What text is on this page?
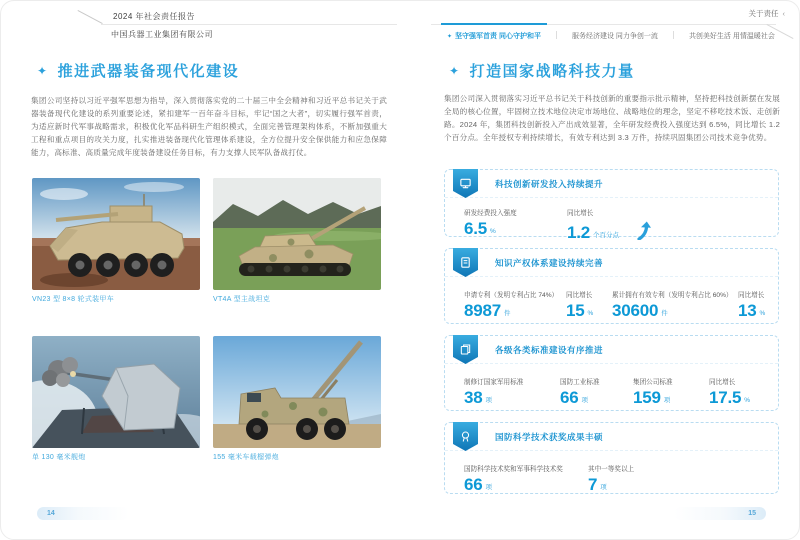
2024 年社会责任报告
中国兵器工业集团有限公司
关于责任 ‹
✦ 坚守强军首责 同心守护和平	服务经济建设 同力争创一流	共创美好生活 用情温暖社会
✦ 推进武器装备现代化建设
集团公司坚持以习近平强军思想为指导，深入贯彻落实党的二十届三中全会精神和习近平总书记关于武器装备现代化建设的系列重要论述，紧扣建军一百年奋斗目标，牢记“国之大者”，切实履行强军首责，为适应新时代军事战略需求，积极优化军品科研生产组织模式，全面完善管理架构体系，不断加强重大工程和重点项目的攻关力度，扎实推进装备现代化管理体系建设，全方位提升安全保供能力和应急保障能力，高标准、高质量完成年度装备建设任务目标，有力支撑人民军队备战打仗。
VN23 型 8×8 轮式装甲车	VT4A 型主战坦克
单 130 毫米舰炮	155 毫米车载榴弹炮
✦ 打造国家战略科技力量
集团公司深入贯彻落实习近平总书记关于科技创新的重要指示批示精神，坚持把科技创新摆在发展全局的核心位置，牢固树立技术地位决定市场地位、战略地位的理念，坚定不移吃技术饭、走创新路。2024 年，集团科技创新投入产出成效显著，全年研发经费投入强度达到 6.5%，同比增长 1.2 个百分点。全年授权专利持续增长，有效专利达到 3.3 万件，持续巩固集团公司技术竞争优势。
科技创新研发投入持续提升
研发经费投入强度
6.5 %
同比增长
1.2 个百分点
知识产权体系建设持续完善
申请专利（发明专利占比 74%）
8987 件
同比增长
15 %
累计拥有有效专利（发明专利占比 60%）
30600 件
同比增长
13 %
各级各类标准建设有序推进
制修订国家军用标准
38 项
国防工业标准
66 项
集团公司标准
159 项
同比增长
17.5 %
国防科学技术获奖成果丰硕
国防科学技术奖和军事科学技术奖
66 项
其中一等奖以上
7 项
14	15
